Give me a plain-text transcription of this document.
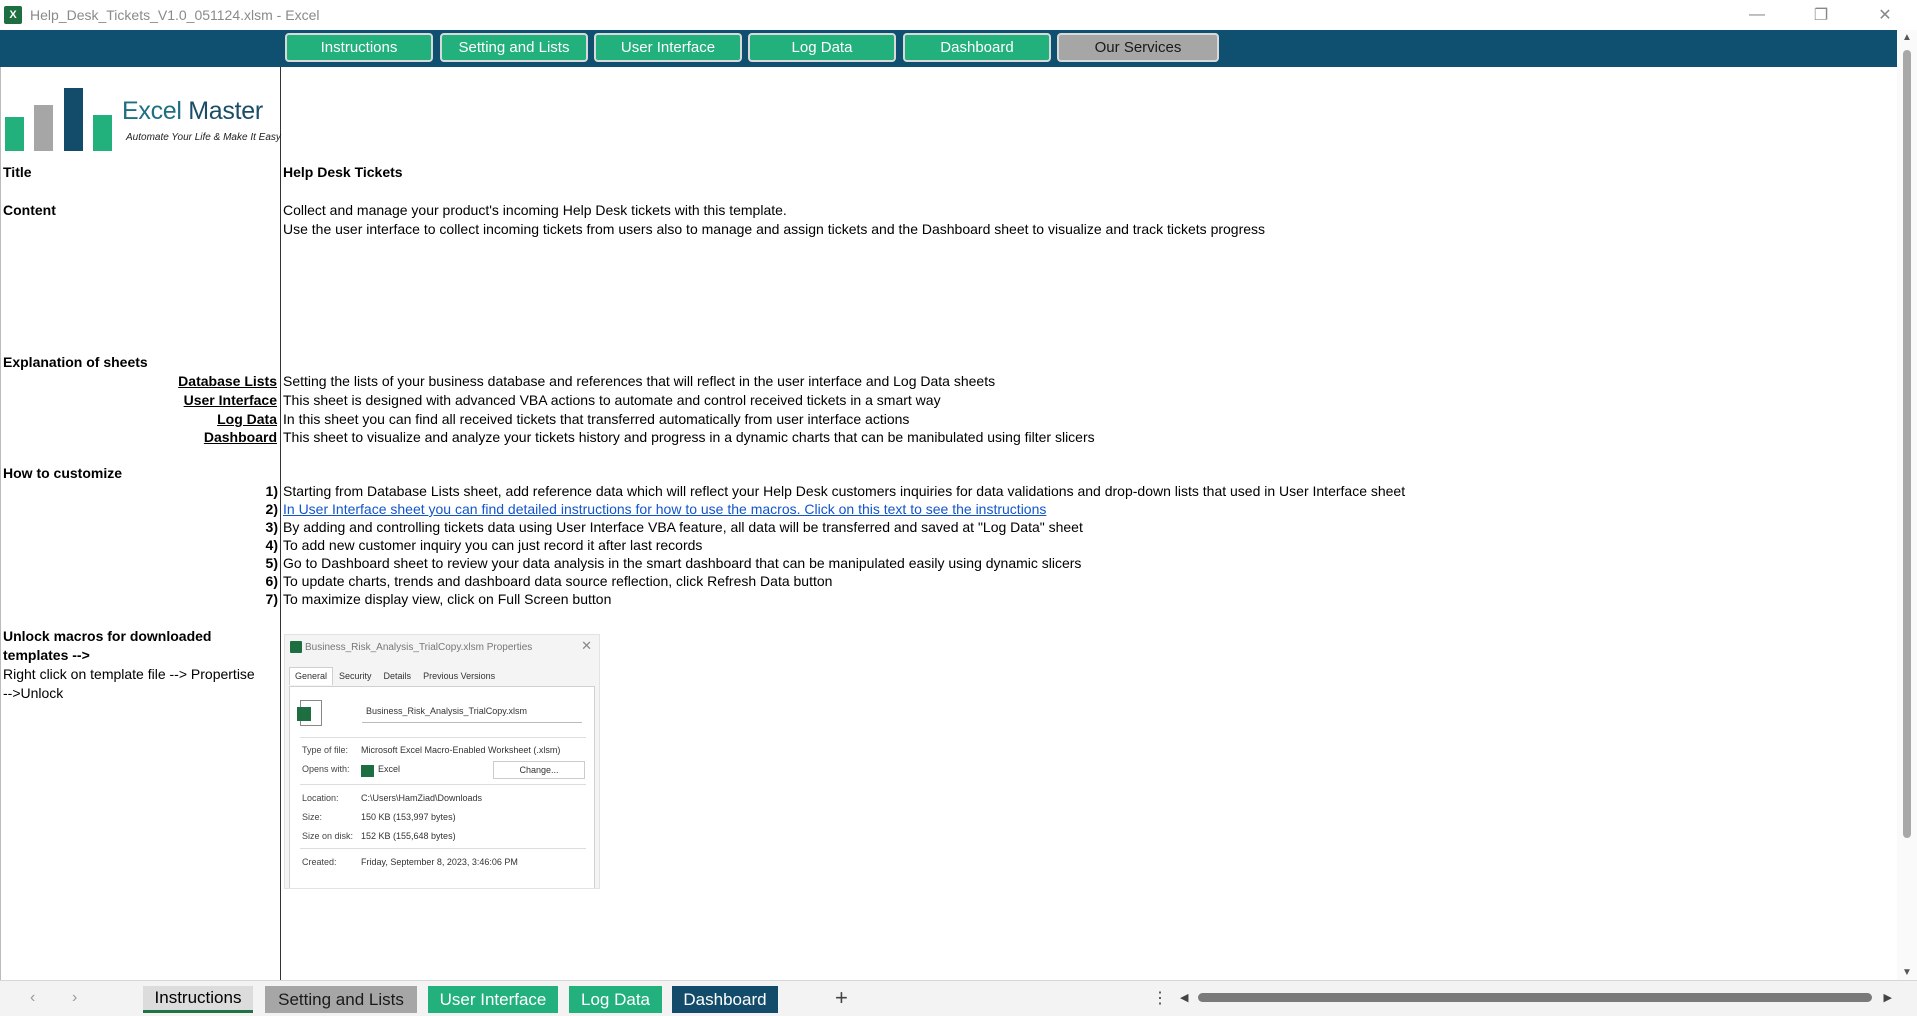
X Help_Desk_Tickets_V1.0_051124.xlsm - Excel	—	❐	✕
Instructions	Setting and Lists	User Interface	Log Data	Dashboard	Our Services
Excel Master
Automate Your Life & Make It Easy
Title	Help Desk Tickets
Content	Collect and manage your product's incoming Help Desk tickets with this template.
Use the user interface to collect incoming tickets from users also to manage and assign tickets and the Dashboard sheet to visualize and track tickets progress
Explanation of sheets
Database Lists Setting the lists of your business database and references that will reflect in the user interface and Log Data sheets
User Interface This sheet is designed with advanced VBA actions to automate and control received tickets in a smart way
Log Data In this sheet you can find all received tickets that transferred automatically from user interface actions
Dashboard This sheet to visualize and analyze your tickets history and progress in a dynamic charts that can be manibulated using filter slicers
How to customize
1) Starting from Database Lists sheet, add reference data which will reflect your Help Desk customers inquiries for data validations and drop-down lists that used in User Interface sheet
2) In User Interface sheet you can find detailed instructions for how to use the macros. Click on this text to see the instructions
3) By adding and controlling tickets data using User Interface VBA feature, all data will be transferred and saved at "Log Data" sheet
4) To add new customer inquiry you can just record it after last records
5) Go to Dashboard sheet to review your data analysis in the smart dashboard that can be manipulated easily using dynamic slicers
6) To update charts, trends and dashboard data source reflection, click Refresh Data button
7) To maximize display view, click on Full Screen button
Unlock macros for downloaded
templates -->
Right click on template file --> Propertise
-->Unlock
Business_Risk_Analysis_TrialCopy.xlsm Properties	✕
General	Security	Details	Previous Versions
Business_Risk_Analysis_TrialCopy.xlsm
Type of file: Microsoft Excel Macro-Enabled Worksheet (.xlsm)
Opens with:	Excel	Change...
Location: C:\Users\HamZiad\Downloads
Size:	150 KB (153,997 bytes)
Size on disk: 152 KB (155,648 bytes)
Created:	Friday, September 8, 2023, 3:46:06 PM
▲
▼
‹ ›	Instructions	Setting and Lists	User Interface	Log Data	Dashboard	+	⋮ ◀	▶
